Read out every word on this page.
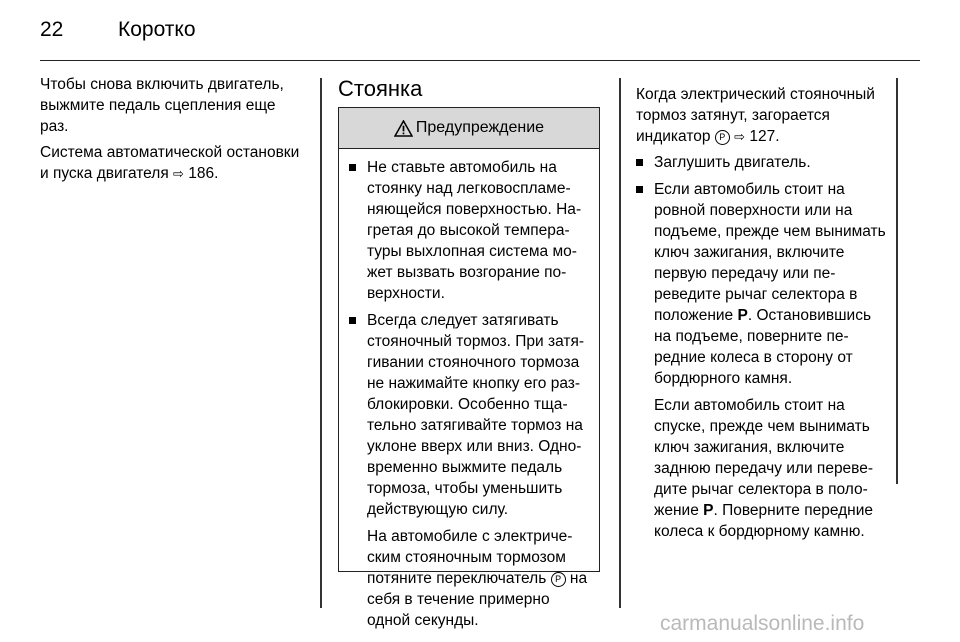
22	Коротко

Чтобы снова включить двигатель, выжмите педаль сцепления еще раз.

Система автоматической остановки и пуска двигателя ⇨ 186.

Стоянка
Предупреждение
Не ставьте автомобиль на стоянку над легковоспламеняющейся поверхностью. Нагретая до высокой температуры выхлопная система может вызвать возгорание поверхности.
Всегда следует затягивать стояночный тормоз. При затягивании стояночного тормоза не нажимайте кнопку его разблокировки. Особенно тщательно затягивайте тормоз на уклоне вверх или вниз. Одновременно выжмите педаль тормоза, чтобы уменьшить действующую силу.

На автомобиле с электрическим стояночным тормозом потяните переключатель P на себя в течение примерно одной секунды.

Когда электрический стояночный тормоз затянут, загорается индикатор P ⇨ 127.

Заглушить двигатель.
Если автомобиль стоит на ровной поверхности или на подъеме, прежде чем вынимать ключ зажигания, включите первую передачу или переведите рычаг селектора в положение P. Остановившись на подъеме, поверните передние колеса в сторону от бордюрного камня.

Если автомобиль стоит на спуске, прежде чем вынимать ключ зажигания, включите заднюю передачу или переведите рычаг селектора в положение P. Поверните передние колеса к бордюрному камню.

carmanualsonline.info
